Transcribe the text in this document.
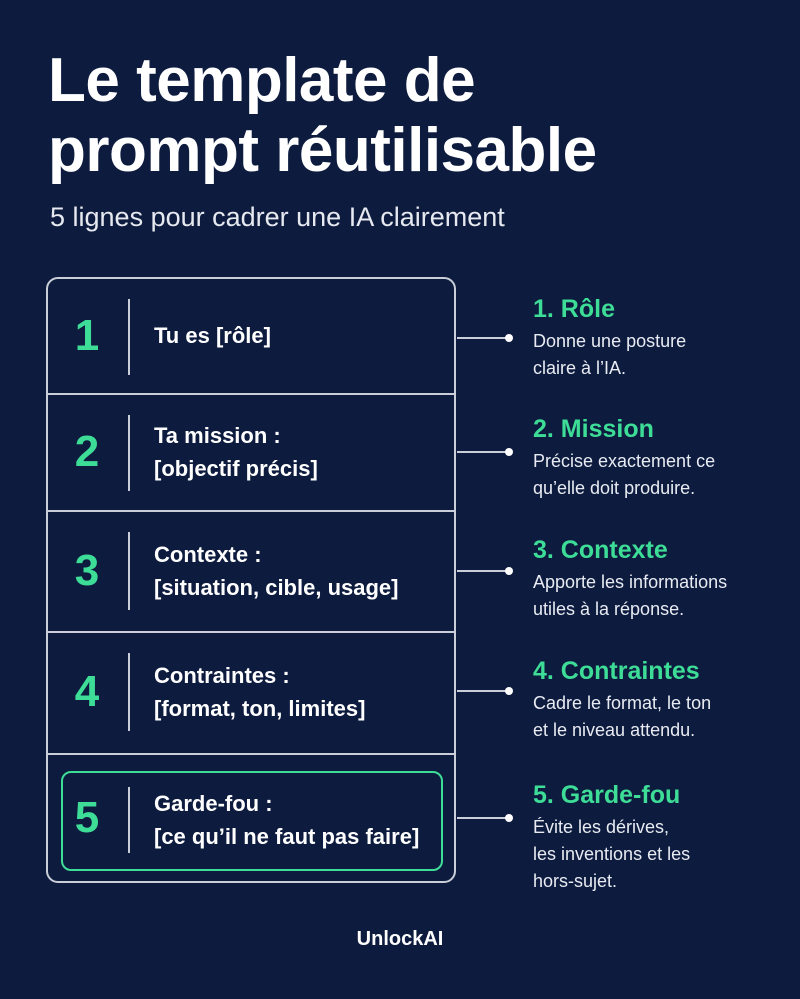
Le template de
prompt réutilisable
5 lignes pour cadrer une IA clairement
1	Tu es [rôle]
2	Ta mission :
[objectif précis]
3	Contexte :
[situation, cible, usage]
4	Contraintes :
[format, ton, limites]
5	Garde-fou :
[ce qu’il ne faut pas faire]
1. Rôle
Donne une posture
claire à l’IA.
2. Mission
Précise exactement ce
qu’elle doit produire.
3. Contexte
Apporte les informations
utiles à la réponse.
4. Contraintes
Cadre le format, le ton
et le niveau attendu.
5. Garde-fou
Évite les dérives,
les inventions et les
hors-sujet.
UnlockAI
